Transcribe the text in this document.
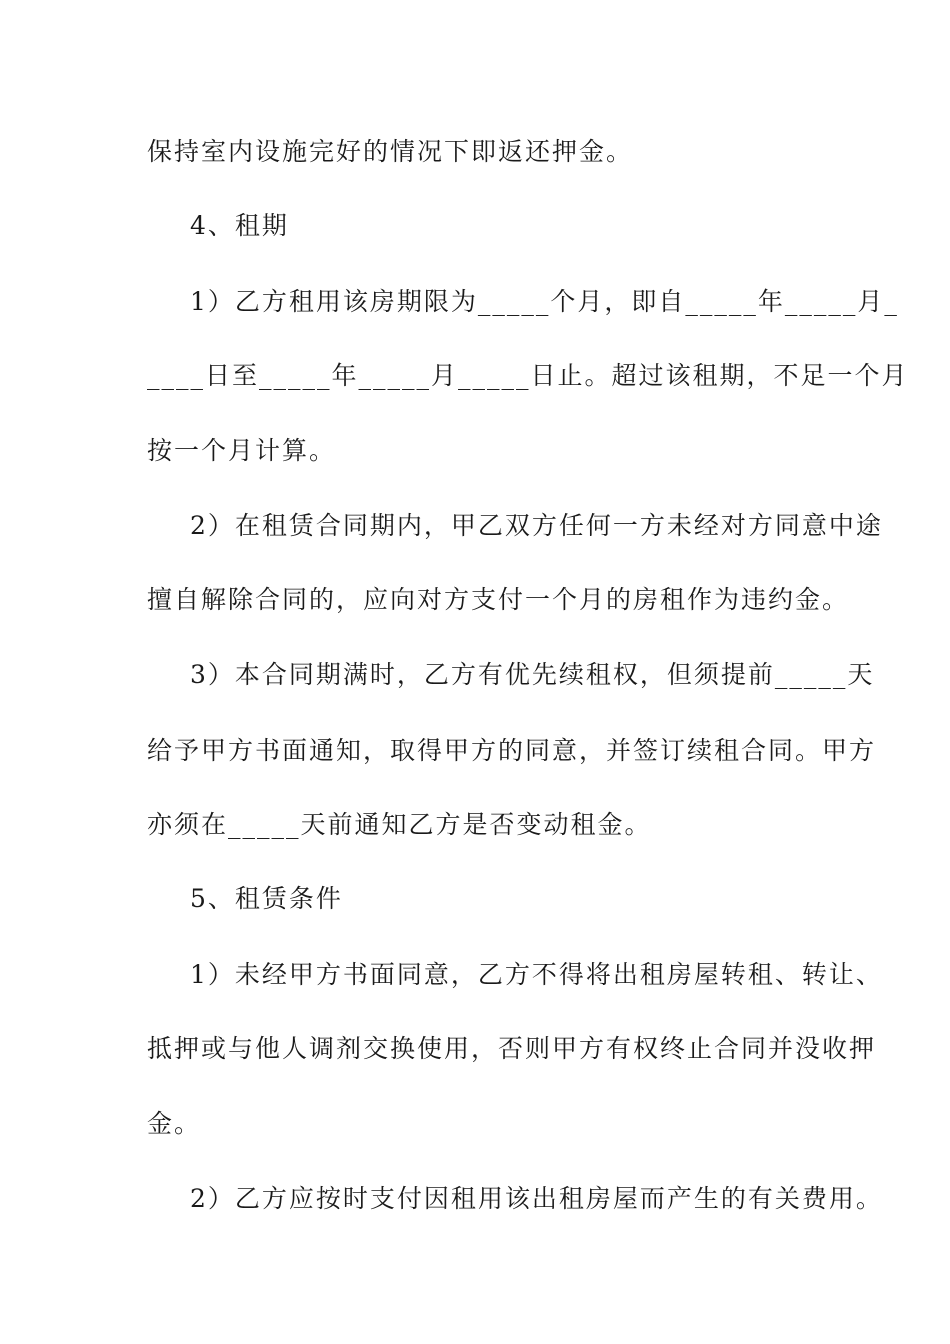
保持室内设施完好的情况下即返还押金。
4、租期
1）乙方租用该房期限为_____个月，即自_____年_____月_
____日至_____年_____月_____日止。超过该租期，不足一个月
按一个月计算。
2）在租赁合同期内，甲乙双方任何一方未经对方同意中途
擅自解除合同的，应向对方支付一个月的房租作为违约金。
3）本合同期满时，乙方有优先续租权，但须提前_____天
给予甲方书面通知，取得甲方的同意，并签订续租合同。甲方
亦须在_____天前通知乙方是否变动租金。
5、租赁条件
1）未经甲方书面同意，乙方不得将出租房屋转租、转让、
抵押或与他人调剂交换使用，否则甲方有权终止合同并没收押
金。
2）乙方应按时支付因租用该出租房屋而产生的有关费用。
